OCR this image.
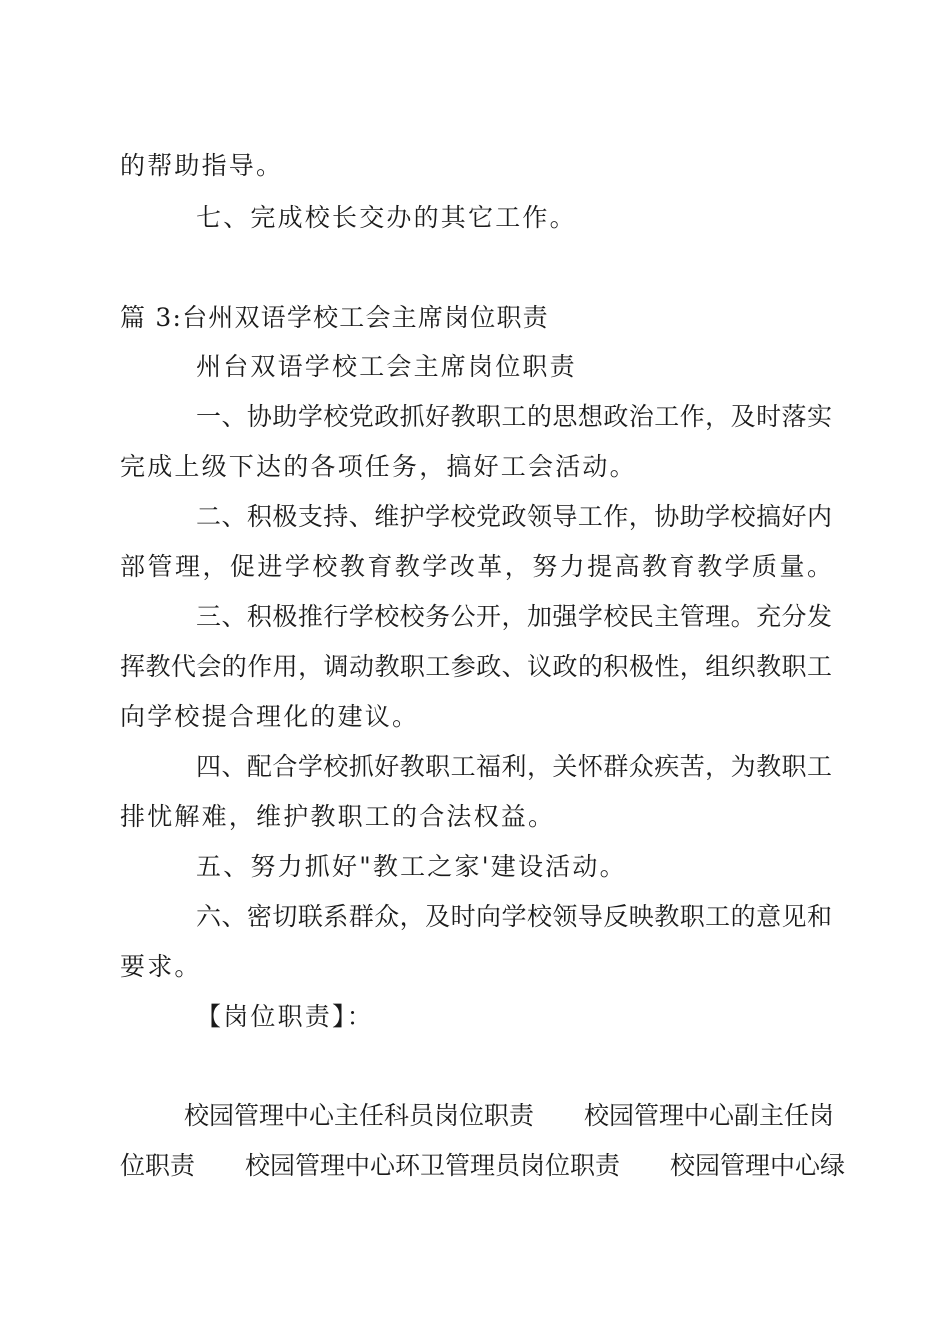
的帮助指导。
七、完成校长交办的其它工作。
篇 3:台州双语学校工会主席岗位职责
州台双语学校工会主席岗位职责
一、协助学校党政抓好教职工的思想政治工作，及时落实
完成上级下达的各项任务，搞好工会活动。
二、积极支持、维护学校党政领导工作，协助学校搞好内
部管理，促进学校教育教学改革，努力提高教育教学质量。
三、积极推行学校校务公开，加强学校民主管理。充分发
挥教代会的作用，调动教职工参政、议政的积极性，组织教职工
向学校提合理化的建议。
四、配合学校抓好教职工福利，关怀群众疾苦，为教职工
排忧解难，维护教职工的合法权益。
五、努力抓好"教工之家'建设活动。
六、密切联系群众，及时向学校领导反映教职工的意见和
要求。
【岗位职责】：
校园管理中心主任科员岗位职责　　校园管理中心副主任岗
位职责　　校园管理中心环卫管理员岗位职责　　校园管理中心绿
